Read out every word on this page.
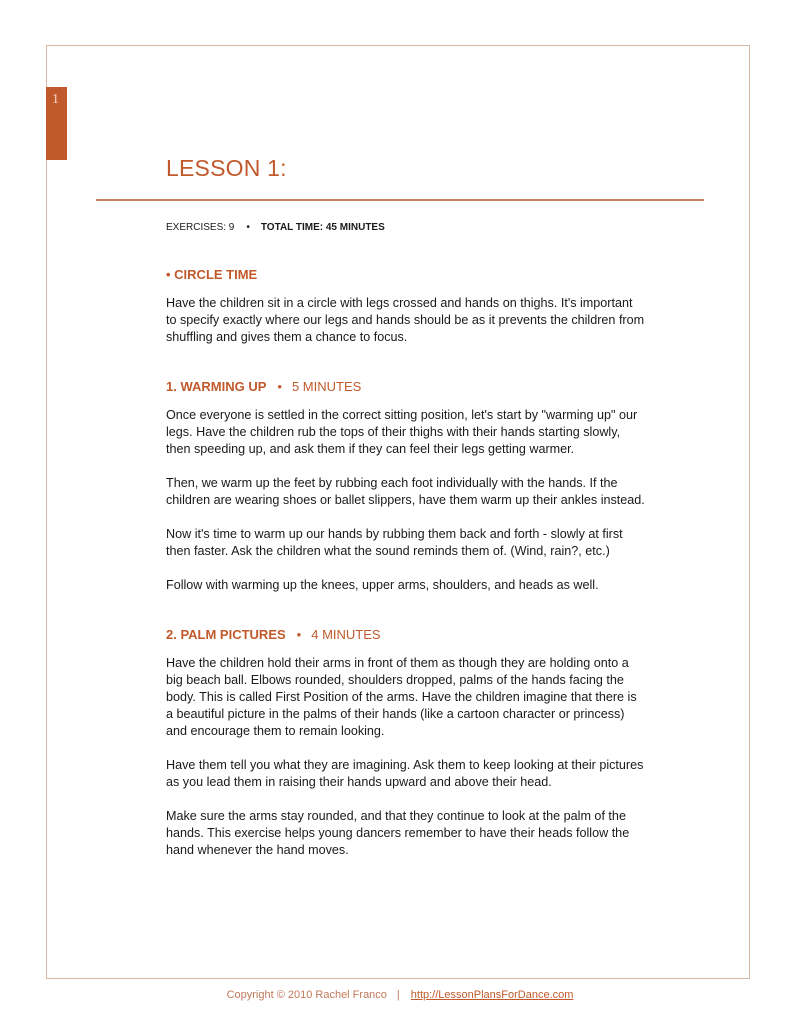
1
LESSON 1:
EXERCISES: 9 • TOTAL TIME: 45 MINUTES
• CIRCLE TIME

Have the children sit in a circle with legs crossed and hands on thighs. It's important to specify exactly where our legs and hands should be as it prevents the children from shuffling and gives them a chance to focus.

1. WARMING UP • 5 MINUTES

Once everyone is settled in the correct sitting position, let's start by "warming up" our legs. Have the children rub the tops of their thighs with their hands starting slowly, then speeding up, and ask them if they can feel their legs getting warmer.

Then, we warm up the feet by rubbing each foot individually with the hands. If the children are wearing shoes or ballet slippers, have them warm up their ankles instead.

Now it's time to warm up our hands by rubbing them back and forth - slowly at first then faster. Ask the children what the sound reminds them of. (Wind, rain?, etc.)

Follow with warming up the knees, upper arms, shoulders, and heads as well.

2. PALM PICTURES • 4 MINUTES

Have the children hold their arms in front of them as though they are holding onto a big beach ball. Elbows rounded, shoulders dropped, palms of the hands facing the body. This is called First Position of the arms. Have the children imagine that there is a beautiful picture in the palms of their hands (like a cartoon character or princess) and encourage them to remain looking.

Have them tell you what they are imagining. Ask them to keep looking at their pictures as you lead them in raising their hands upward and above their head.

Make sure the arms stay rounded, and that they continue to look at the palm of the hands. This exercise helps young dancers remember to have their heads follow the hand whenever the hand moves.

Copyright © 2010 Rachel Franco | http://LessonPlansForDance.com
